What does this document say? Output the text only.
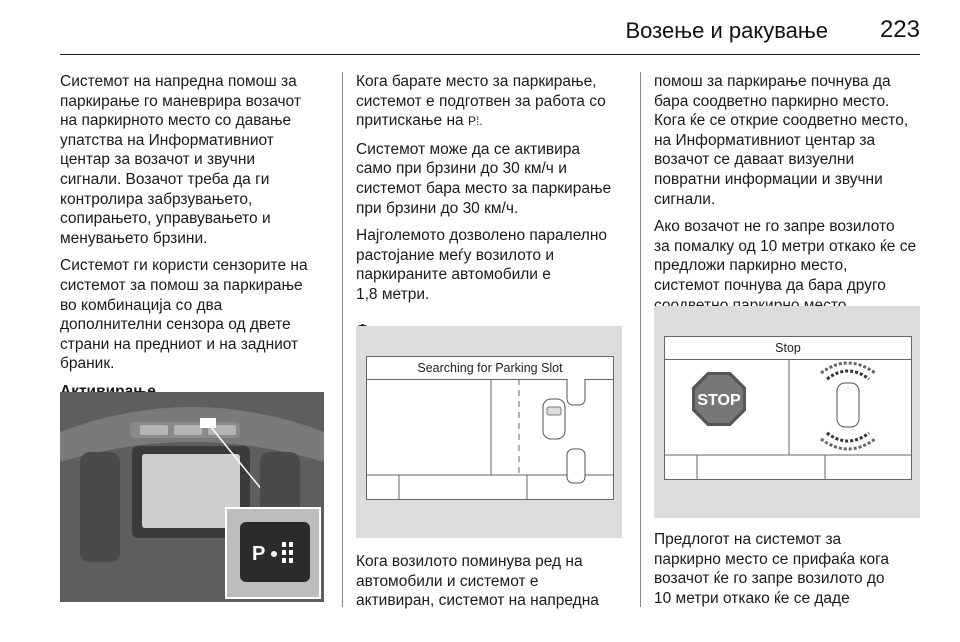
Возење и ракување 223

Системот на напредна помош за
паркирање го маневрира возачот
на паркирното место со давање
упатства на Информативниот
центар за возачот и звучни
сигнали. Возачот треба да ги
контролира забрзувањето,
сопирањето, управувањето и
менувањето брзини.

Системот ги користи сензорите на
системот за помош за паркирање
во комбинација со два
дополнителни сензора од двете
страни на предниот и на задниот
браник.

P

Кога барате место за паркирање,
системот е подготвен за работа со
притискање на P⁞.

Системот може да се активира
само при брзини до 30 км/ч и
системот бара место за паркирање
при брзини до 30 км/ч.

Најголемото дозволено паралелно
растојание меѓу возилото и
паркираните автомобили е
1,8 метри.

Searching for Parking Slot

Кога возилото поминува ред на
автомобили и системот е
активиран, системот на напредна

помош за паркирање почнува да
бара соодветно паркирно место.
Кога ќе се открие соодветно место,
на Информативниот центар за
возачот се даваат визуелни
повратни информации и звучни
сигнали.

Ако возачот не го запре возилото
за помалку од 10 метри откако ќе се
предложи паркирно место,
системот почнува да бара друго

Stop
STOP

Предлогот на системот за
паркирно место се прифаќа кога
возачот ќе го запре возилото до
10 метри откако ќе се даде
